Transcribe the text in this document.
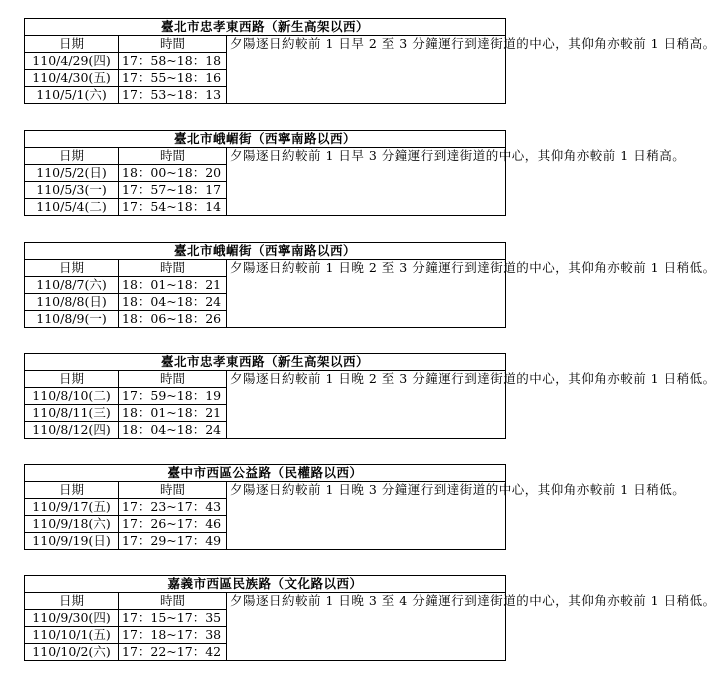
臺北市忠孝東西路（新生高架以西）		
日期	時間	夕陽逐日約較前 1 日早 2 至 3 分鐘運行到達街道的中心，其仰角亦較前 1 日稍高。
110/4/29(四)	17：58~18：18	
110/4/30(五)	17：55~18：16	
110/5/1(六)	17：53~18：13	
臺北市峨嵋街（西寧南路以西）		
日期	時間	夕陽逐日約較前 1 日早 3 分鐘運行到達街道的中心，其仰角亦較前 1 日稍高。
110/5/2(日)	18：00~18：20	
110/5/3(一)	17：57~18：17	
110/5/4(二)	17：54~18：14	
臺北市峨嵋街（西寧南路以西）		
日期	時間	夕陽逐日約較前 1 日晚 2 至 3 分鐘運行到達街道的中心，其仰角亦較前 1 日稍低。
110/8/7(六)	18：01~18：21	
110/8/8(日)	18：04~18：24	
110/8/9(一)	18：06~18：26	
臺北市忠孝東西路（新生高架以西）		
日期	時間	夕陽逐日約較前 1 日晚 2 至 3 分鐘運行到達街道的中心，其仰角亦較前 1 日稍低。
110/8/10(二)	17：59~18：19	
110/8/11(三)	18：01~18：21	
110/8/12(四)	18：04~18：24	
臺中市西區公益路（民權路以西）		
日期	時間	夕陽逐日約較前 1 日晚 3 分鐘運行到達街道的中心，其仰角亦較前 1 日稍低。
110/9/17(五)	17：23~17：43	
110/9/18(六)	17：26~17：46	
110/9/19(日)	17：29~17：49	
嘉義市西區民族路（文化路以西）		
日期	時間	夕陽逐日約較前 1 日晚 3 至 4 分鐘運行到達街道的中心，其仰角亦較前 1 日稍低。
110/9/30(四)	17：15~17：35	
110/10/1(五)	17：18~17：38	
110/10/2(六)	17：22~17：42	
